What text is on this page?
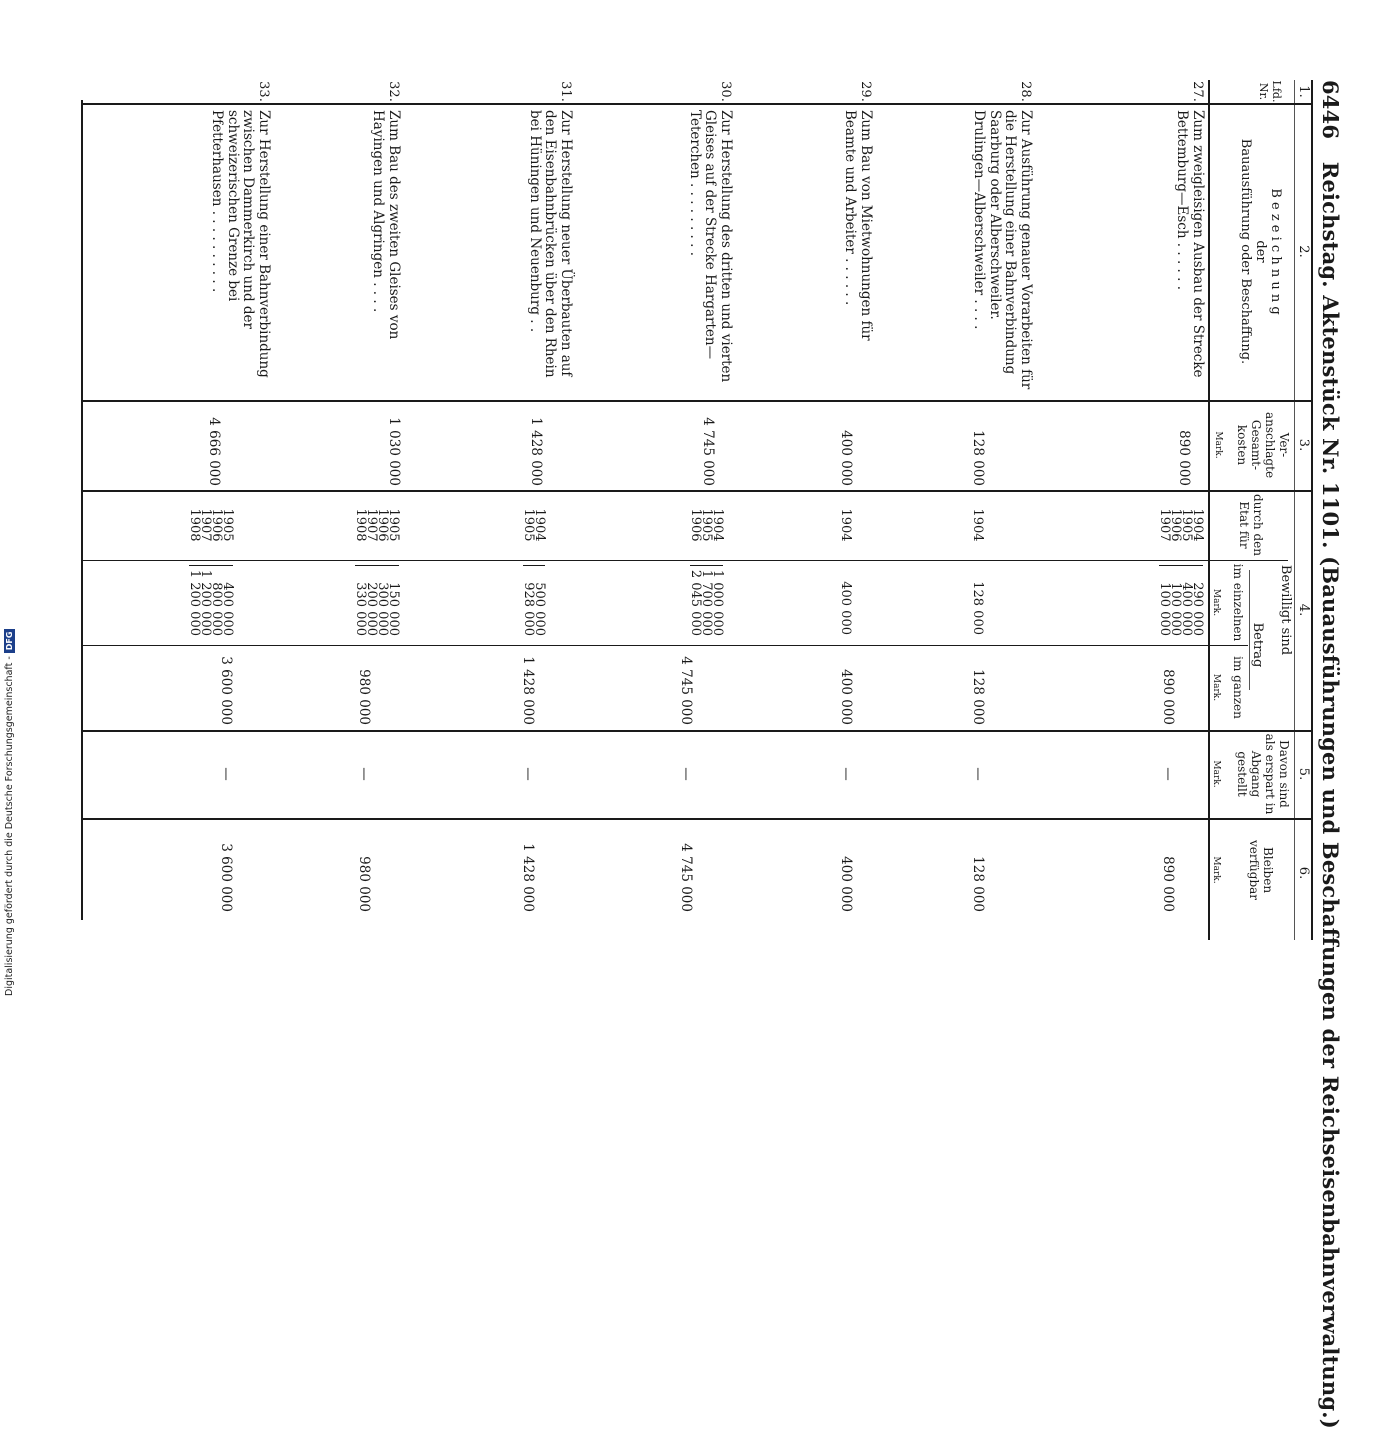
6446   Reichstag. Aktenstück Nr. 1101. (Bauausführungen und Beschaffungen der Reichseisenbahnverwaltung.)
1.
2.
3.
4.
5.
6.
Lfd. Nr.
B e z e i c h n u n g
der
Bauausführung oder Beschaffung.
Ver-anschlagte Gesamt-kosten
Mark.
Bewilligt sind
durch den Etat für
Betrag
im einzelnen
im ganzen
Mark.
Mark.
Davon sind als erspart in Abgang gestellt
Mark.
Bleiben verfügbar
Mark.
27.
Zum zweigleisigen Ausbau der Strecke Bettemburg—Esch . . . . . .
890 000
1904
1905
1906
1907
290 000
400 000
100 000
100 000
890 000
—
890 000
28.
Zur Ausführung genauer Vorarbeiten für die Herstellung einer Bahnverbindung Saarburg oder Alberschweiler. Drulingen—Alberschweiler . . . .
128 000
1904
128 000
128 000
—
128 000
29.
Zum Bau von Mietwohnungen für Beamte und Arbeiter . . . . . .
400 000
1904
400 000
400 000
—
400 000
30.
Zur Herstellung des dritten und vierten Gleises auf der Strecke Hargarten—Teterchen . . . . . . . . .
4 745 000
1904
1905
1906
1 000 000
1 700 000
2 045 000
4 745 000
—
4 745 000
31.
Zur Herstellung neuer Überbauten auf den Eisenbahnbrücken über den Rhein bei Hüningen und Neuenburg . .
1 428 000
1904
1905
500 000
928 000
1 428 000
—
1 428 000
32.
Zum Bau des zweiten Gleises von Hayingen und Algringen . . . .
1 030 000
1905
1906
1907
1908
150 000
300 000
200 000
330 000
980 000
—
980 000
33.
Zur Herstellung einer Bahnverbindung zwischen Dammerkirch und der schweizerischen Grenze bei Pfetterhausen . . . . . . . . . .
4 666 000
1905
1906
1907
1908
400 000
800 000
1 200 000
1 200 000
3 600 000
—
3 600 000
Digitalisierung gefördert durch die Deutsche Forschungsgemeinschaft - DFG
